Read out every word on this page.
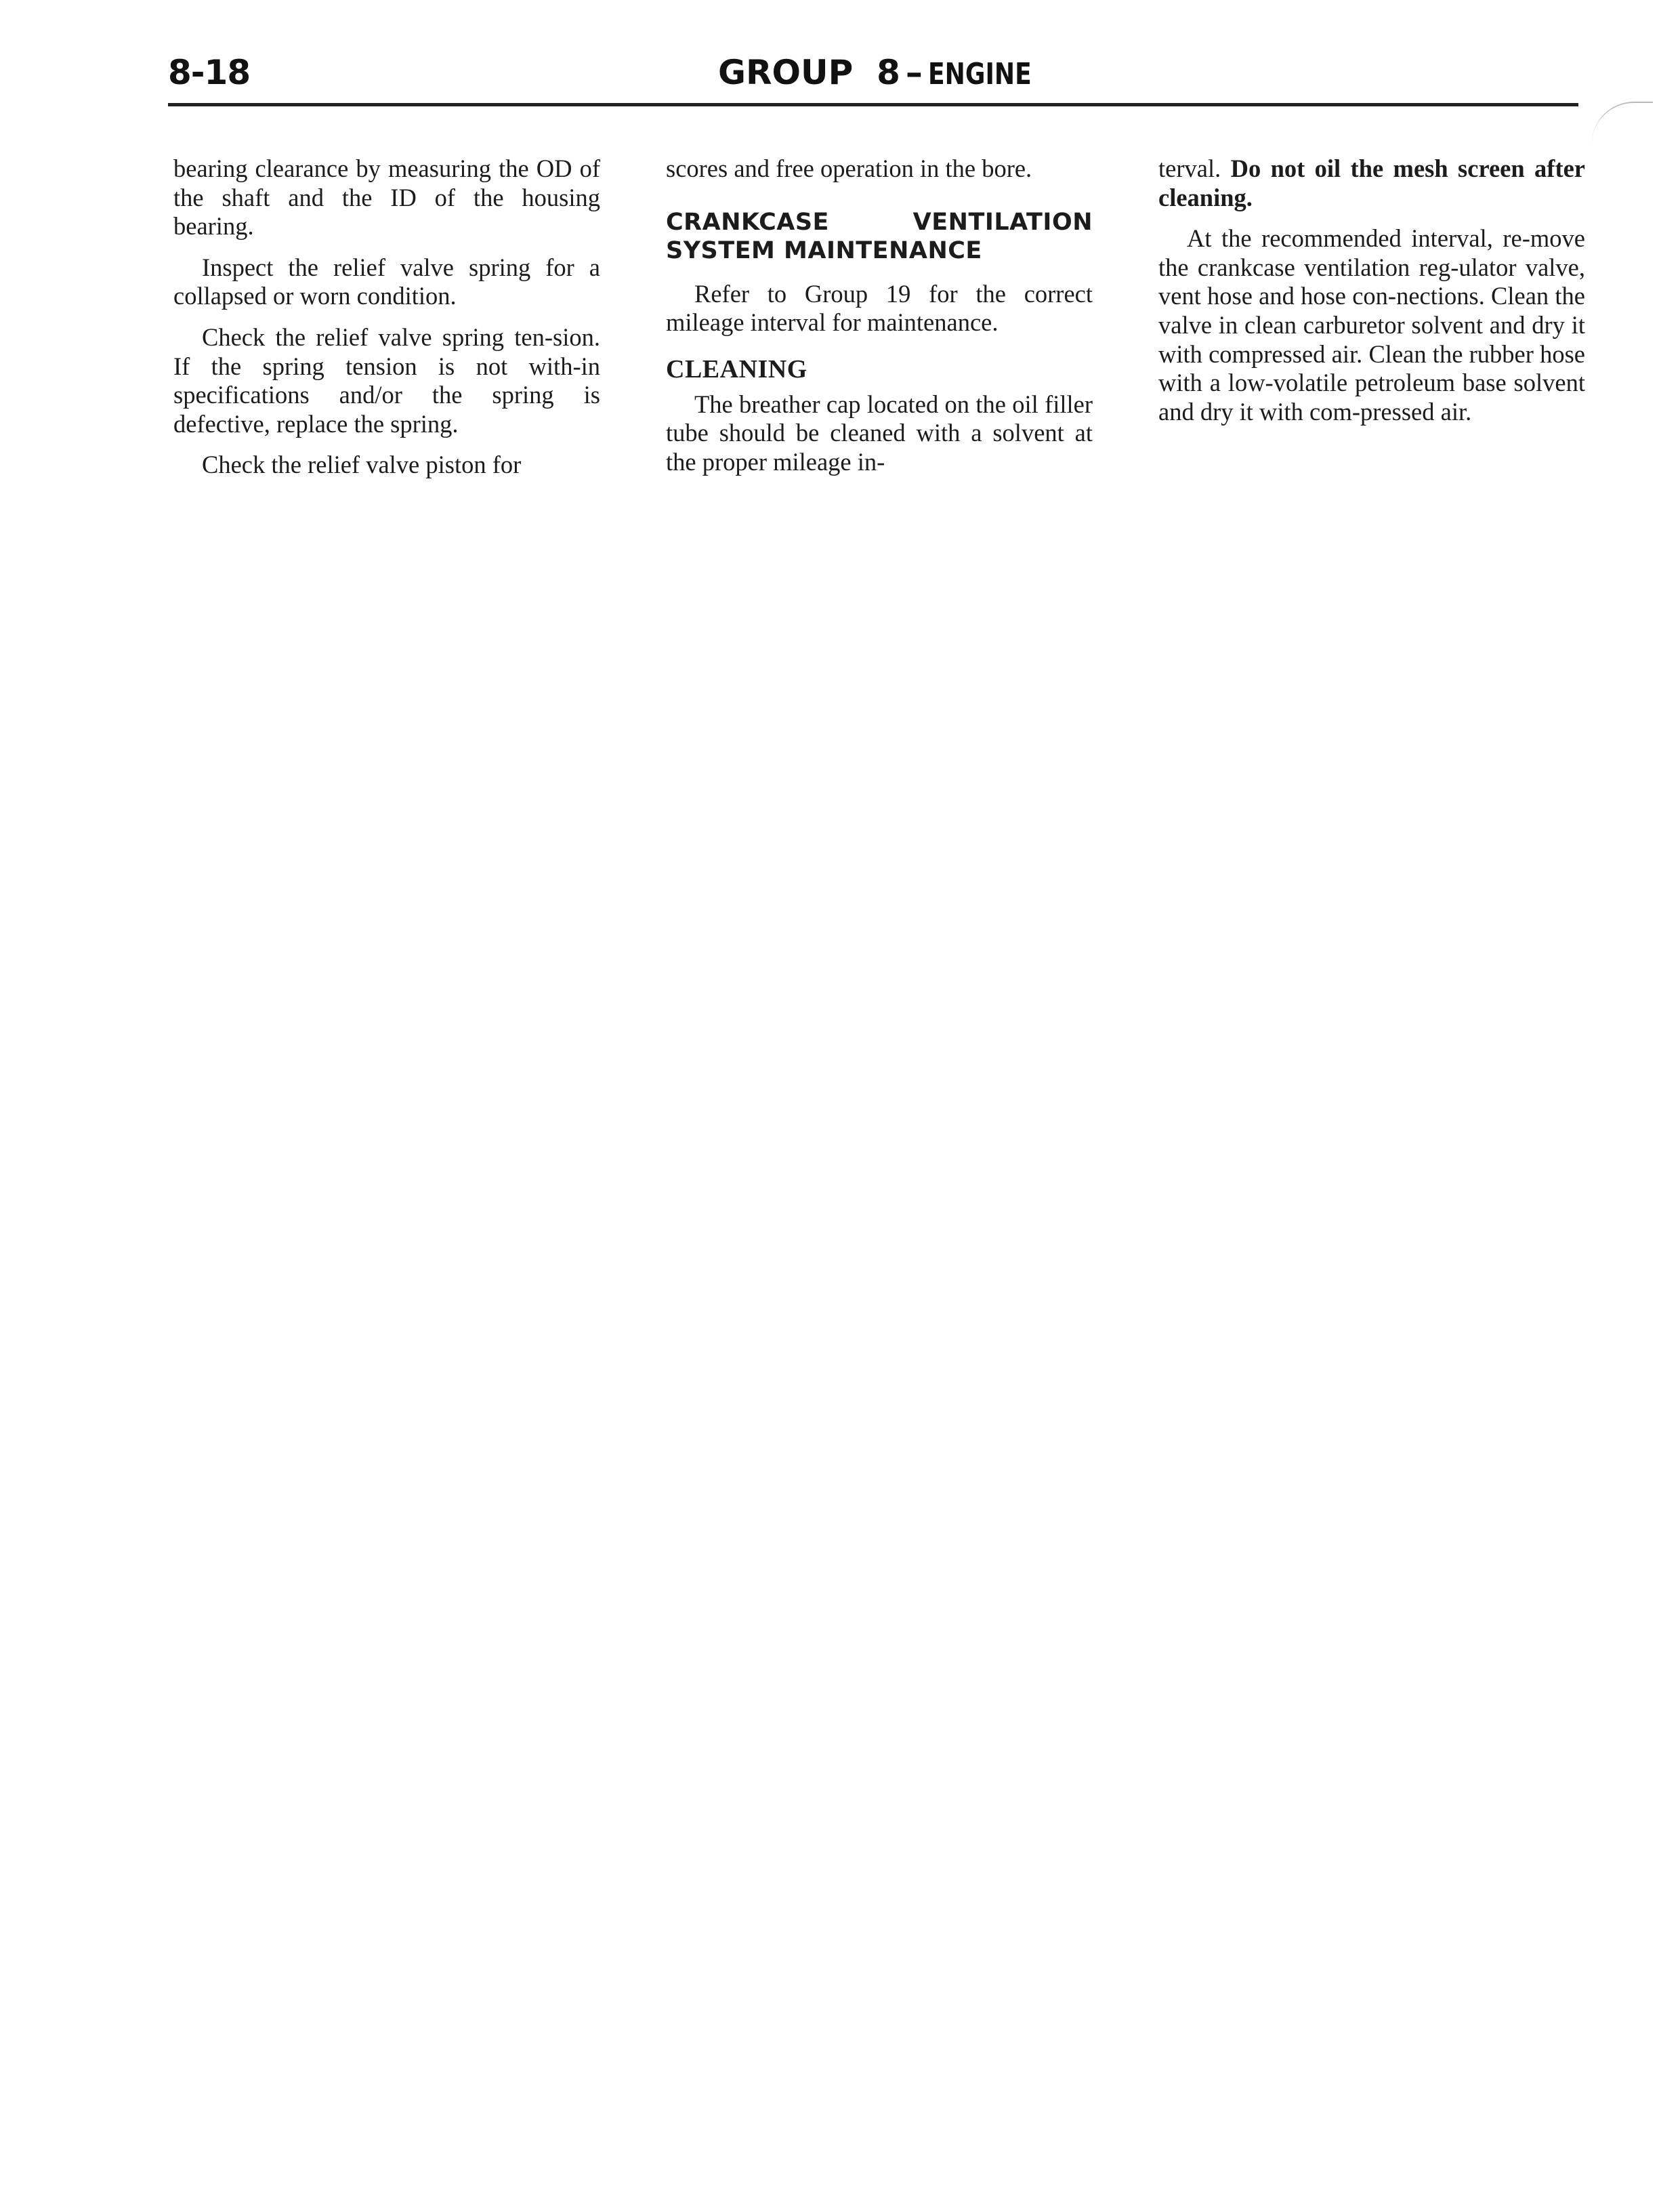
8-18	GROUP 8 – ENGINE

bearing clearance by measuring the OD of the shaft and the ID of the housing bearing.

Inspect the relief valve spring for a collapsed or worn condition.

Check the relief valve spring ten-sion. If the spring tension is not with-in specifications and/or the spring is defective, replace the spring.

Check the relief valve piston for

scores and free operation in the bore.

CRANKCASE VENTILATION SYSTEM MAINTENANCE

Refer to Group 19 for the correct mileage interval for maintenance.

CLEANING

The breather cap located on the oil filler tube should be cleaned with a solvent at the proper mileage in-

terval. Do not oil the mesh screen after cleaning.

At the recommended interval, re-move the crankcase ventilation reg-ulator valve, vent hose and hose con-nections. Clean the valve in clean carburetor solvent and dry it with compressed air. Clean the rubber hose with a low-volatile petroleum base solvent and dry it with com-pressed air.
